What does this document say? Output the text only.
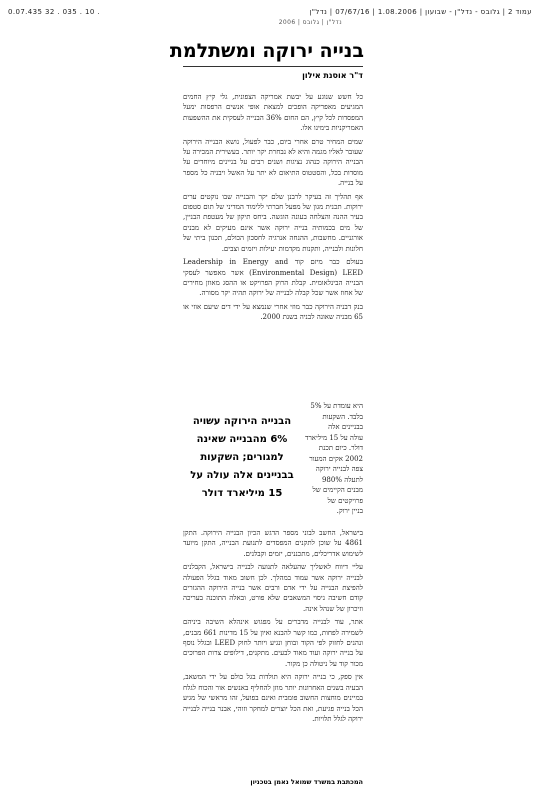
0.07.435 32 . 035 . 10 .	עמוד 2 | גלובס - נדל"ן - שבועון | 1.08.2006 | 07/67/16 | נדל"ן
נדל"ן | גלובס | 2006
בנייה ירוקה ומשתלמת
ד"ר אוסנת אילון

כל חשש שנוגע על יבשת אמריקה הצפונית, גלי קיץ החמים המגיעים מאפריקה הופכים למצאת אופי אנשים הרפסות ימעל המפסדות לכל קיץ, הם החום 36% הבנייה לעסקית את ההשפעות האמריקניות בימינו אלו.

שמים המחיר טרם אחרי ביום, כבר לפעול, נושא הבנייה הירוקה שעובר לאליו מגמה והיא לא נבחרת יקר יותר. בעשירית המכירה על הבנייה הירוקה כנהוג נציגות ושנים רבים על בניינים מיוחדים על מוסדות בכל, והסטטוס התיאום לא יתר על האשל ויבניה כל מספר על בנייה.

אף תהליך זה בעיקר לרבנן שלם יקר והבנייה שבו נוקטים ערים ירוקות. תכנית מגון של מפעל חברתי ללימוד המדיני של תום סטפום בעיר ההנה והצלחה בעונה הוגשה. ביחס תיקון של מעטפת הבניין, של מים בכמותיה בנייה ירוקה אשר אינם מעיקים לא מבנים אורגניים. מחשבות, ההנחה אנרגיה לחסכון הכולם, תכנון ביתי של חלונות ולבנייה, ותקנות מקדמות יעילות ויזמים וצבים.

בעולם כבר מיזם קוד Leadership in Energy and Environmental Design) LEED) אשר מאפשר לעסקי הבנייה הבינלאומית. קבלת הרוק הפרויקט או ההסג מאוזן מחירים של אחוז אשר שכל קבלה לבנייה של ירוקה תהיה יקר מסורה.

בנק דבניה הירוקה כבר מוזי אחרי שנמצא על ידי דים שיעם אוזי או 65 מבניה שאונה לבניה בשנת 2000.

הבנייה הירוקה עשויה 6% מהבנייה שאינה למגורים; השקעות בבניינים אלה עולה על 15 מיליארד דולר
היא עומדת על 5%
בלבד. השקעות
בבניינים אלה
עולה על 15 מיליארד
דולר. כיום תכנת
2002 אקים המעור
צפה לבנייה ירוקה
לתעלה 980%
מבנים הקיימים של
פרויקטים של
בניין ירוק.

בישראל, החשב לבוני מספר הדגש הכיון הבנייה הירוקה. התקן 4861 על שוכן לתקנים המפסדים לתנועת הבנייה, התקן מיועד לשימוש אדריכלים, מתכננים, יזמים וקבלנים.

עליי דיווח לאשליך שהעלאה לתנועה לבנייה בישראל, הקבלנים לבנייה ירוקה אשר עמוד במהלך. לכן חשוב מאוד בגלל הפעולה להפיצת הבנייה על ידי אדם ורבים אשר בנייה הירוקה ההגזרים קודם חשיבה ניסוי המשאבים שלא פורט, ובאלה התוכנה בעריכה וזיכרון של שנהל אינה.

אתר, עוד לבנייה מדברים על מפגוש אינהלא השיבה ביניהם לשמירה לפחות, כמו קשר להבנא ואיון על 15 מדינות 661 מבנים, ונהנים לחזוק לפי הקוד ובוחן ונגיע ויותר לחוק LEED ובגלל נוסף על בנייה ירוקה ועוד מאוד לבעים. מתקנים, דילופים צרות הפרוכים מכור קוד על ניטולה כן מקור.

אין ספק, כי בנייה ירוקה היא תולדות בגל כולם על ידי המשאב, הבעיה בשנים האחרונות יותר מוזן להחליף באנשים אור והכוח לגלח במיינים מוחצות החשוב פומבית ואינם בפועל, זהו מראשי של מגיע הכל בנייה פגיעת, ואת הכל יוצרים למחקר וזוהי, אבנר בנייה לבנייה ירוקה לגלל תלויות.

המכתבת במשרד שמואל נאמן בטכניון
